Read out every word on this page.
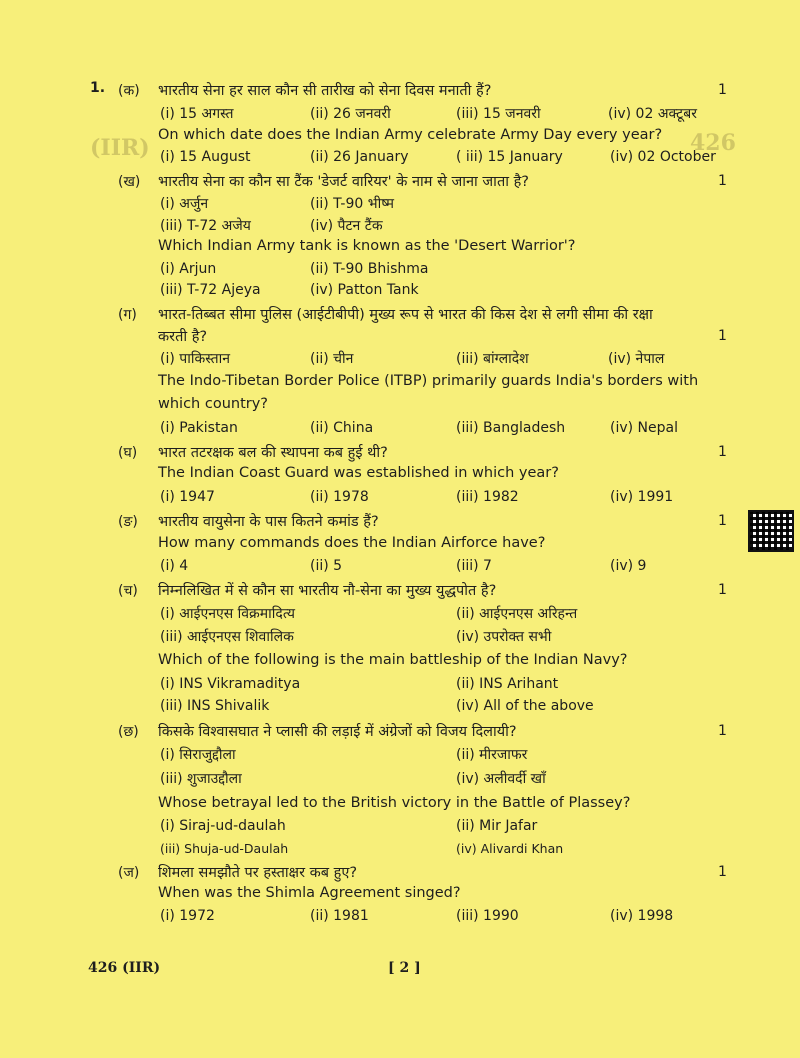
(IIR)	426
1. (क) भारतीय सेना हर साल कौन सी तारीख को सेना दिवस मनाती हैं?	1
(i) 15 अगस्त	(ii) 26 जनवरी	(iii) 15 जनवरी	(iv) 02 अक्टूबर
On which date does the Indian Army celebrate Army Day every year?
(i) 15 August	(ii) 26 January	( iii) 15 January	(iv) 02 October
(ख) भारतीय सेना का कौन सा टैंक 'डेजर्ट वारियर' के नाम से जाना जाता है?	1
(i) अर्जुन	(ii) T-90 भीष्म
(iii) T-72 अजेय	(iv) पैटन टैंक
Which Indian Army tank is known as the 'Desert Warrior'?
(i) Arjun	(ii) T-90 Bhishma
(iii) T-72 Ajeya	(iv) Patton Tank
(ग) भारत-तिब्बत सीमा पुलिस (आईटीबीपी) मुख्य रूप से भारत की किस देश से लगी सीमा की रक्षा
करती है?	1
(i) पाकिस्तान	(ii) चीन	(iii) बांग्लादेश	(iv) नेपाल
The Indo-Tibetan Border Police (ITBP) primarily guards India's borders with
which country?
(i) Pakistan	(ii) China	(iii) Bangladesh	(iv) Nepal
(घ) भारत तटरक्षक बल की स्थापना कब हुई थी?	1
The Indian Coast Guard was established in which year?
(i) 1947	(ii) 1978	(iii) 1982	(iv) 1991
(ङ) भारतीय वायुसेना के पास कितने कमांड हैं?	1
How many commands does the Indian Airforce have?
(i) 4	(ii) 5	(iii) 7	(iv) 9
(च) निम्नलिखित में से कौन सा भारतीय नौ-सेना का मुख्य युद्धपोत है?	1
(i) आईएनएस विक्रमादित्य	(ii) आईएनएस अरिहन्त
(iii) आईएनएस शिवालिक	(iv) उपरोक्त सभी
Which of the following is the main battleship of the Indian Navy?
(i) INS Vikramaditya	(ii) INS Arihant
(iii) INS Shivalik	(iv) All of the above
(छ) किसके विश्वासघात ने प्लासी की लड़ाई में अंग्रेजों को विजय दिलायी?	1
(i) सिराजुद्दौला	(ii) मीरजाफर
(iii) शुजाउद्दौला	(iv) अलीवर्दी खाँ
Whose betrayal led to the British victory in the Battle of Plassey?
(i) Siraj-ud-daulah	(ii) Mir Jafar
(iii) Shuja-ud-Daulah	(iv) Alivardi Khan
(ज) शिमला समझौते पर हस्ताक्षर कब हुए?	1
When was the Shimla Agreement singed?
(i) 1972	(ii) 1981	(iii) 1990	(iv) 1998
426 (IIR)	[ 2 ]
